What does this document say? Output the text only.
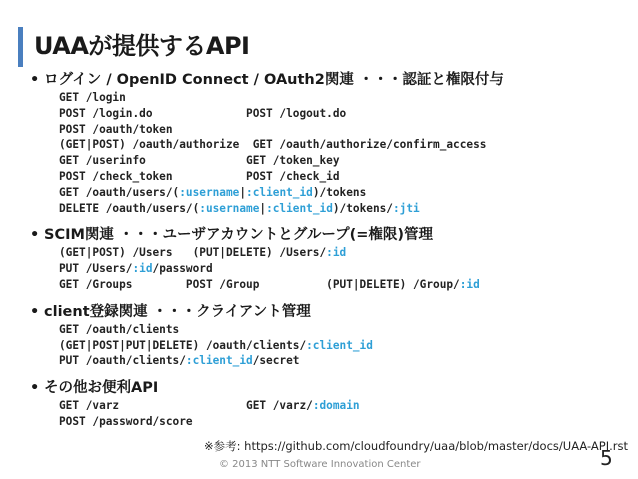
UAAが提供するAPI
• ログイン / OpenID Connect / OAuth2関連 ・・・認証と権限付与
GET /login
POST /login.do              POST /logout.do
POST /oauth/token
(GET|POST) /oauth/authorize  GET /oauth/authorize/confirm_access
GET /userinfo               GET /token_key
POST /check_token           POST /check_id
GET /oauth/users/(:username|:client_id)/tokens
DELETE /oauth/users/(:username|:client_id)/tokens/:jti
• SCIM関連 ・・・ユーザアカウントとグループ(=権限)管理
(GET|POST) /Users   (PUT|DELETE) /Users/:id
PUT /Users/:id/password
GET /Groups        POST /Group          (PUT|DELETE) /Group/:id
• client登録関連 ・・・クライアント管理
GET /oauth/clients
(GET|POST|PUT|DELETE) /oauth/clients/:client_id
PUT /oauth/clients/:client_id/secret
• その他お便利API
GET /varz                   GET /varz/:domain
POST /password/score
※参考: https://github.com/cloudfoundry/uaa/blob/master/docs/UAA-API.rst
© 2013 NTT Software Innovation Center	5
